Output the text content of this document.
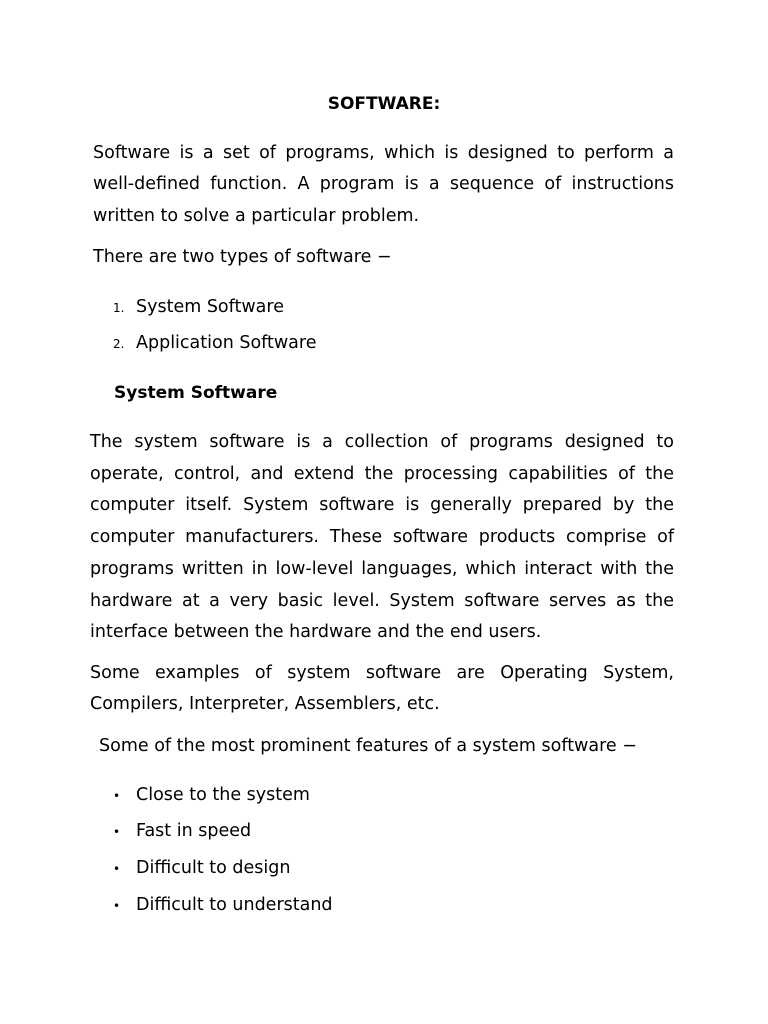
SOFTWARE:
Software is a set of programs, which is designed to perform a
well-defined function. A program is a sequence of instructions
written to solve a particular problem.
There are two types of software −
1. System Software
2. Application Software
System Software
The system software is a collection of programs designed to
operate, control, and extend the processing capabilities of the
computer itself. System software is generally prepared by the
computer manufacturers. These software products comprise of
programs written in low-level languages, which interact with the
hardware at a very basic level. System software serves as the
interface between the hardware and the end users.
Some examples of system software are Operating System,
Compilers, Interpreter, Assemblers, etc.
Some of the most prominent features of a system software −
• Close to the system
• Fast in speed
• Difficult to design
• Difficult to understand
